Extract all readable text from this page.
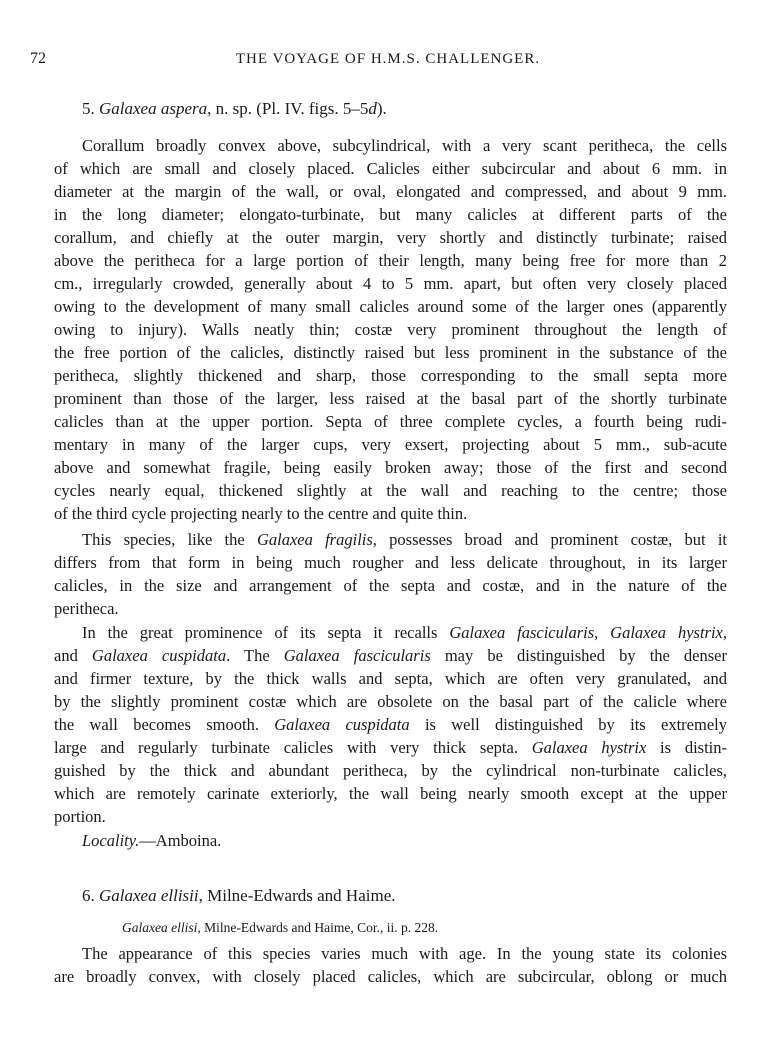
72	THE VOYAGE OF H.M.S. CHALLENGER.
5. Galaxea aspera, n. sp. (Pl. IV. figs. 5–5d).
Corallum broadly convex above, subcylindrical, with a very scant peritheca, the cells
of which are small and closely placed. Calicles either subcircular and about 6 mm. in
diameter at the margin of the wall, or oval, elongated and compressed, and about 9 mm.
in the long diameter; elongato-turbinate, but many calicles at different parts of the
corallum, and chiefly at the outer margin, very shortly and distinctly turbinate; raised
above the peritheca for a large portion of their length, many being free for more than 2
cm., irregularly crowded, generally about 4 to 5 mm. apart, but often very closely placed
owing to the development of many small calicles around some of the larger ones (apparently
owing to injury). Walls neatly thin; costæ very prominent throughout the length of
the free portion of the calicles, distinctly raised but less prominent in the substance of the
peritheca, slightly thickened and sharp, those corresponding to the small septa more
prominent than those of the larger, less raised at the basal part of the shortly turbinate
calicles than at the upper portion. Septa of three complete cycles, a fourth being rudi-
mentary in many of the larger cups, very exsert, projecting about 5 mm., sub-acute
above and somewhat fragile, being easily broken away; those of the first and second
cycles nearly equal, thickened slightly at the wall and reaching to the centre; those
of the third cycle projecting nearly to the centre and quite thin.
This species, like the Galaxea fragilis, possesses broad and prominent costæ, but it
differs from that form in being much rougher and less delicate throughout, in its larger
calicles, in the size and arrangement of the septa and costæ, and in the nature of the
peritheca.
In the great prominence of its septa it recalls Galaxea fascicularis, Galaxea hystrix,
and Galaxea cuspidata. The Galaxea fascicularis may be distinguished by the denser
and firmer texture, by the thick walls and septa, which are often very granulated, and
by the slightly prominent costæ which are obsolete on the basal part of the calicle where
the wall becomes smooth. Galaxea cuspidata is well distinguished by its extremely
large and regularly turbinate calicles with very thick septa. Galaxea hystrix is distin-
guished by the thick and abundant peritheca, by the cylindrical non-turbinate calicles,
which are remotely carinate exteriorly, the wall being nearly smooth except at the upper
portion.
Locality.—Amboina.
6. Galaxea ellisii, Milne-Edwards and Haime.
Galaxea ellisi, Milne-Edwards and Haime, Cor., ii. p. 228.
The appearance of this species varies much with age. In the young state its colonies
are broadly convex, with closely placed calicles, which are subcircular, oblong or much
